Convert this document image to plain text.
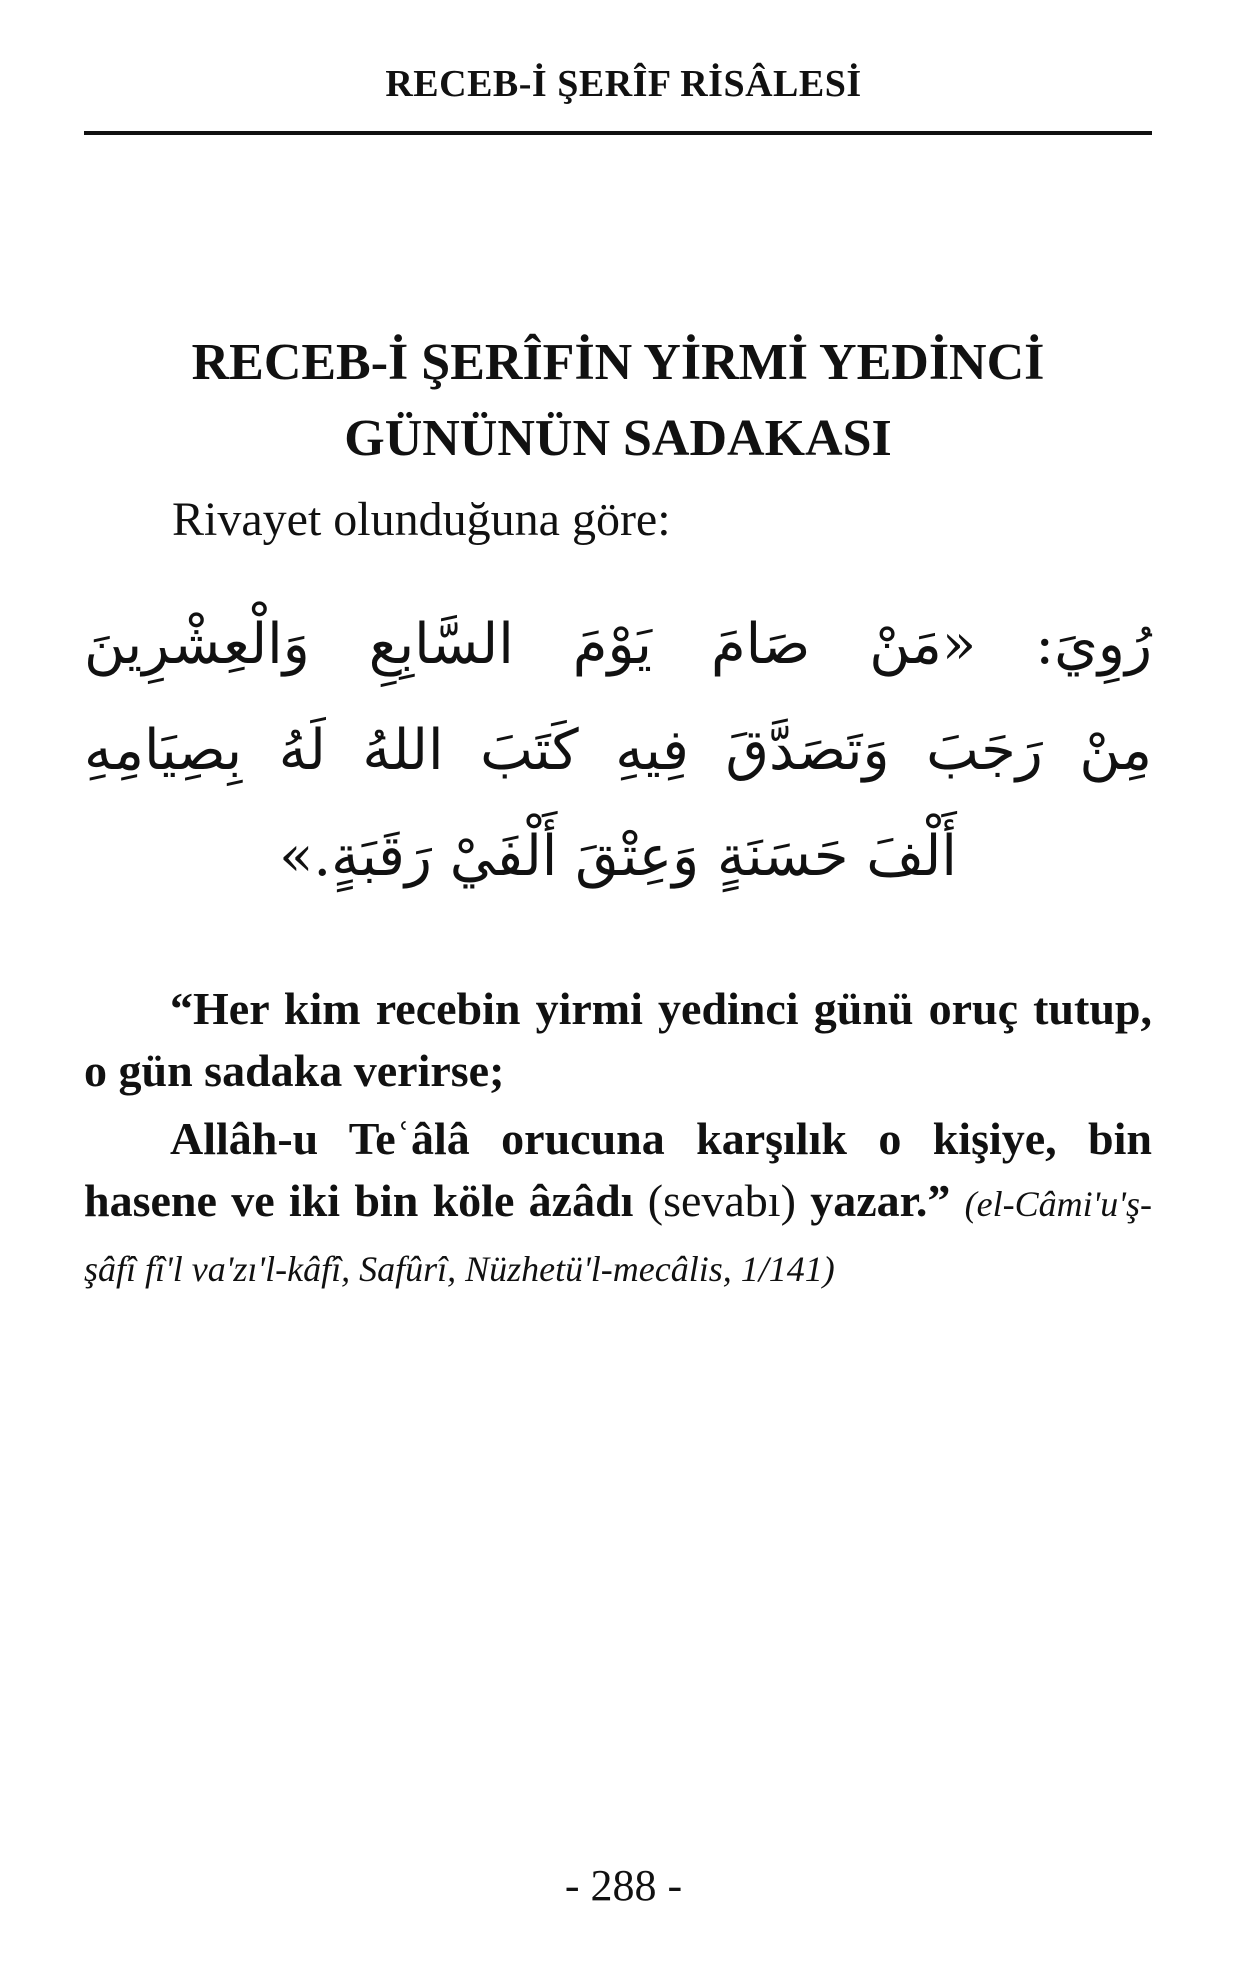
RECEB-İ ŞERÎF RİSÂLESİ
RECEB-İ ŞERÎFİN YİRMİ YEDİNCİ
GÜNÜNÜN SADAKASI
Rivayet olunduğuna göre:
رُوِيَ: «مَنْ صَامَ يَوْمَ السَّابِعِ وَالْعِشْرِينَ
مِنْ رَجَبَ وَتَصَدَّقَ فِيهِ كَتَبَ اللهُ لَهُ بِصِيَامِهِ
أَلْفَ حَسَنَةٍ وَعِتْقَ أَلْفَيْ رَقَبَةٍ.»

“Her kim recebin yirmi yedinci günü oruç tutup, o gün sadaka verirse;

Allâh-u Teʿâlâ orucuna karşılık o kişiye, bin hasene ve iki bin köle âzâdı (sevabı) yazar.” (el-Câmi'u'ş-şâfî fî'l va'zı'l-kâfî, Safûrî, Nüzhetü'l-mecâlis, 1/141)

- 288 -
